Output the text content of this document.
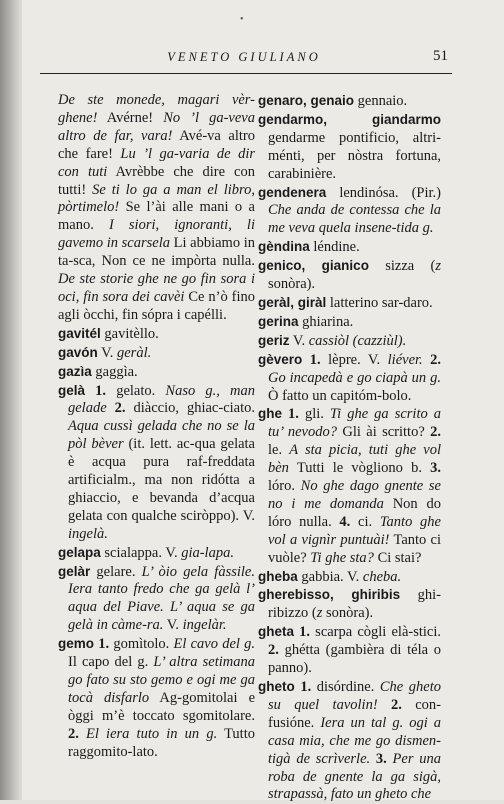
•
VENETO GIULIANO	51

De ste monede, magari vèr-ghene! Avérne! No ’l ga-veva altro de far, vara! Avé-va altro che fare! Lu ’l ga-varia de dir con tuti Avrèbbe che dire con tutti! Se ti lo ga a man el libro, pòrtimelo! Se l’ài alle mani o a mano. I siori, ignoranti, li gavemo in scarsela Li abbiamo in ta-sca, Non ce ne impòrta nulla. De ste storie ghe ne go fin sora i oci, fin sora dei cavèi Ce n’ò fino agli òcchi, fin sópra i capélli.

gavitél gavitèllo.

gavón V. geràl.

gazìa gaggìa.

gelà 1. gelato. Naso g., man gelade 2. diàccio, ghiac-ciato. Aqua cussì gelada che no se la pòl bèver (it. lett. ac-qua gelata è acqua pura raf-freddata artificialm., ma non ridótta a ghiaccio, e bevanda d’acqua gelata con qualche sciròppo). V. ingelà.

gelapa scialappa. V. gia-lapa.

gelàr gelare. L’ òio gela fàssile. Iera tanto fredo che ga gelà l’ aqua del Piave. L’ aqua se ga gelà in càme-ra. V. ingelàr.

gemo 1. gomìtolo. El cavo del g. Il capo del g. L’ altra setimana go fato su sto gemo e ogi me ga tocà disfarlo Ag-gomitolai e òggi m’è toccato sgomitolare. 2. El iera tuto in un g. Tutto raggomito-lato.

genaro, genaio gennaio.

gendarmo, giandarmo gendarme pontificio, altri-ménti, per nòstra fortuna, carabinière.

gendenera lendinósa. (Pir.) Che anda de contessa che la me veva quela insene-tida g.

gèndina léndine.

genico, gianico sizza (z sonòra).

geràl, giràl latterino sar-daro.

gerina ghiarina.

geriz V. cassiòl (cazziùl).

gèvero 1. lèpre. V. liéver. 2. Go incapedà e go ciapà un g. Ò fatto un capitóm-bolo.

ghe 1. gli. Ti ghe ga scrito a tu’ nevodo? Gli ài scritto? 2. le. A sta picia, tuti ghe vol bèn Tutti le vògliono b. 3. lóro. No ghe dago gnente se no i me domanda Non do lóro nulla. 4. ci. Tanto ghe vol a vignìr puntuài! Tanto ci vuòle? Ti ghe sta? Ci stai?

gheba gabbia. V. cheba.

gherebisso, ghiribis ghi-ribizzo (z sonòra).

gheta 1. scarpa cògli elà-stici. 2. ghétta (gambièra di téla o panno).

gheto 1. disórdine. Che gheto su quel tavolin! 2. con-fusióne. Iera un tal g. ogi a casa mia, che me go dismen-tigà de scrìverle. 3. Per una roba de gnente la ga sigà, strapassà, fato un gheto che
